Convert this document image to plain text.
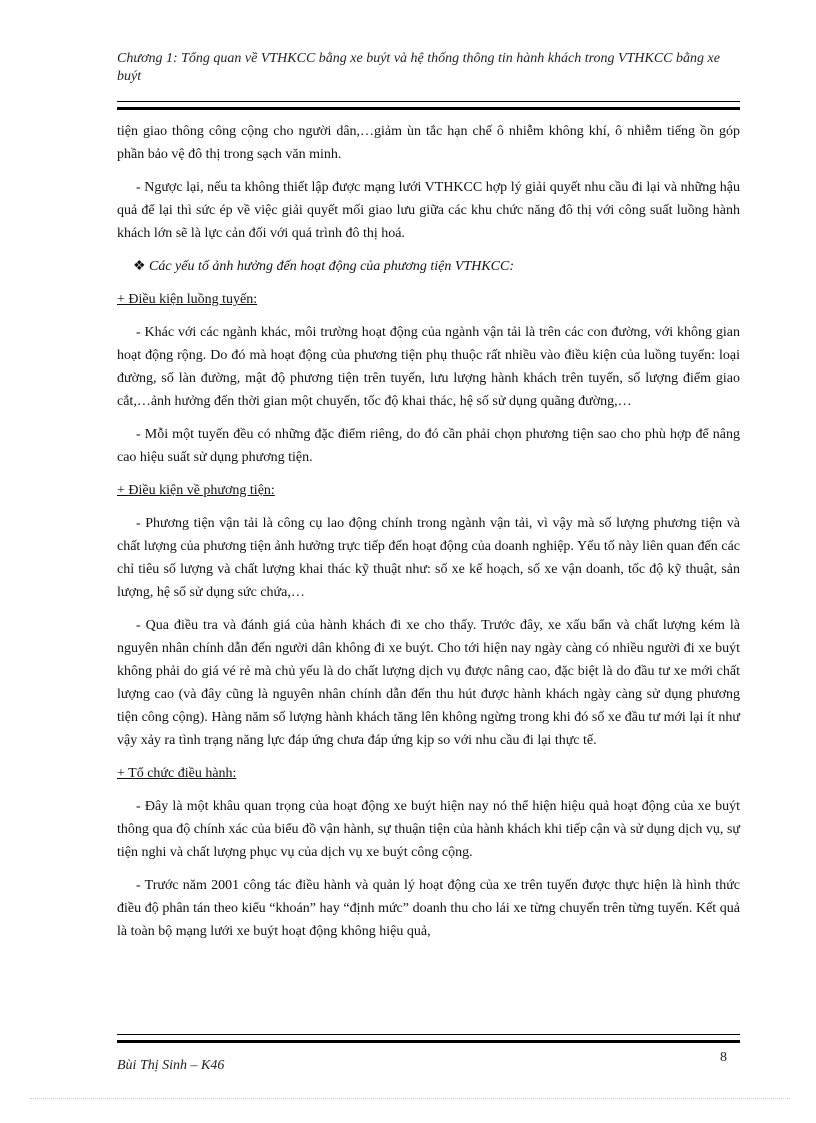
Chương 1: Tổng quan về VTHKCC bằng xe buýt và hệ thống thông tin hành khách trong VTHKCC bằng xe buýt

tiện giao thông công cộng cho người dân,…giảm ùn tắc hạn chế ô nhiễm không khí, ô nhiễm tiếng ồn góp phần bảo vệ đô thị trong sạch văn minh.

- Ngược lại, nếu ta không thiết lập được mạng lưới VTHKCC hợp lý giải quyết nhu cầu đi lại và những hậu quả để lại thì sức ép về việc giải quyết mối giao lưu giữa các khu chức năng đô thị với công suất luồng hành khách lớn sẽ là lực cản đối với quá trình đô thị hoá.

❖ Các yếu tố ảnh hưởng đến hoạt động của phương tiện VTHKCC:

+ Điều kiện luồng tuyến:

- Khác với các ngành khác, môi trường hoạt động của ngành vận tải là trên các con đường, với không gian hoạt động rộng. Do đó mà hoạt động của phương tiện phụ thuộc rất nhiều vào điều kiện của luồng tuyến: loại đường, số làn đường, mật độ phương tiện trên tuyến, lưu lượng hành khách trên tuyến, số lượng điểm giao cắt,…ảnh hưởng đến thời gian một chuyến, tốc độ khai thác, hệ số sử dụng quãng đường,…

- Mỗi một tuyến đều có những đặc điểm riêng, do đó cần phải chọn phương tiện sao cho phù hợp để nâng cao hiệu suất sử dụng phương tiện.

+ Điều kiện về phương tiện:

- Phương tiện vận tải là công cụ lao động chính trong ngành vận tải, vì vậy mà số lượng phương tiện và chất lượng của phương tiện ảnh hưởng trực tiếp đến hoạt động của doanh nghiệp. Yếu tố này liên quan đến các chỉ tiêu số lượng và chất lượng khai thác kỹ thuật như: số xe kế hoạch, số xe vận doanh, tốc độ kỹ thuật, sản lượng, hệ số sử dụng sức chứa,…

- Qua điều tra và đánh giá của hành khách đi xe cho thấy. Trước đây, xe xấu bẩn và chất lượng kém là nguyên nhân chính dẫn đến người dân không đi xe buýt. Cho tới hiện nay ngày càng có nhiều người đi xe buýt không phải do giá vé rẻ mà chủ yếu là do chất lượng dịch vụ được nâng cao, đặc biệt là do đầu tư xe mới chất lượng cao (và đây cũng là nguyên nhân chính dẫn đến thu hút được hành khách ngày càng sử dụng phương tiện công cộng). Hàng năm số lượng hành khách tăng lên không ngừng trong khi đó số xe đầu tư mới lại ít như vậy xảy ra tình trạng năng lực đáp ứng chưa đáp ứng kịp so với nhu cầu đi lại thực tế.

+ Tổ chức điều hành:

- Đây là một khâu quan trọng của hoạt động xe buýt hiện nay nó thể hiện hiệu quả hoạt động của xe buýt thông qua độ chính xác của biểu đồ vận hành, sự thuận tiện của hành khách khi tiếp cận và sử dụng dịch vụ, sự tiện nghi và chất lượng phục vụ của dịch vụ xe buýt công cộng.

- Trước năm 2001 công tác điều hành và quản lý hoạt động của xe trên tuyến được thực hiện là hình thức điều độ phân tán theo kiểu “khoán” hay “định mức” doanh thu cho lái xe từng chuyến trên từng tuyến. Kết quả là toàn bộ mạng lưới xe buýt hoạt động không hiệu quả,

8
Bùi Thị Sinh – K46
